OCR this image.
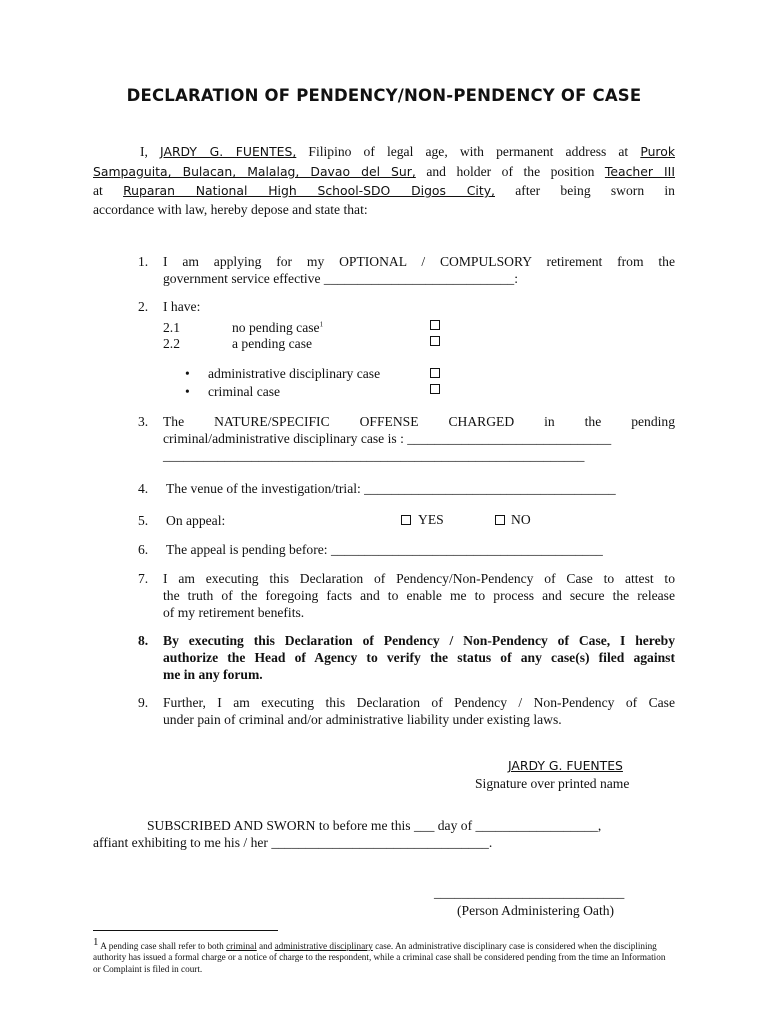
DECLARATION OF PENDENCY/NON-PENDENCY OF CASE
I, JARDY G. FUENTES, Filipino of legal age, with permanent address at Purok
Sampaguita, Bulacan, Malalag, Davao del Sur, and holder of the position Teacher III
at Ruparan National High School-SDO Digos City, after being sworn in
accordance with law, hereby depose and state that:
1. I am applying for my OPTIONAL / COMPULSORY retirement from the
government service effective ____________________________:
2. I have:
2.1	no pending case$^1$
2.2	a pending case
• administrative disciplinary case
• criminal case
3. The NATURE/SPECIFIC OFFENSE CHARGED in the pending
criminal/administrative disciplinary case is : ______________________________
______________________________________________________________
4. The venue of the investigation/trial: _____________________________________
5. On appeal:	YES	NO
6. The appeal is pending before: ________________________________________
7. I am executing this Declaration of Pendency/Non-Pendency of Case to attest to
the truth of the foregoing facts and to enable me to process and secure the release
of my retirement benefits.
8. By executing this Declaration of Pendency / Non-Pendency of Case, I hereby
authorize the Head of Agency to verify the status of any case(s) filed against
me in any forum.
9. Further, I am executing this Declaration of Pendency / Non-Pendency of Case
under pain of criminal and/or administrative liability under existing laws.
JARDY G. FUENTES
Signature over printed name
SUBSCRIBED AND SWORN to before me this ___ day of __________________,
affiant exhibiting to me his / her ________________________________.
____________________________
(Person Administering Oath)
$^1$ A pending case shall refer to both criminal and administrative disciplinary case. An administrative disciplinary case is considered when the disciplining authority has issued a formal charge or a notice of charge to the respondent, while a criminal case shall be considered pending from the time an Information or Complaint is filed in court.
